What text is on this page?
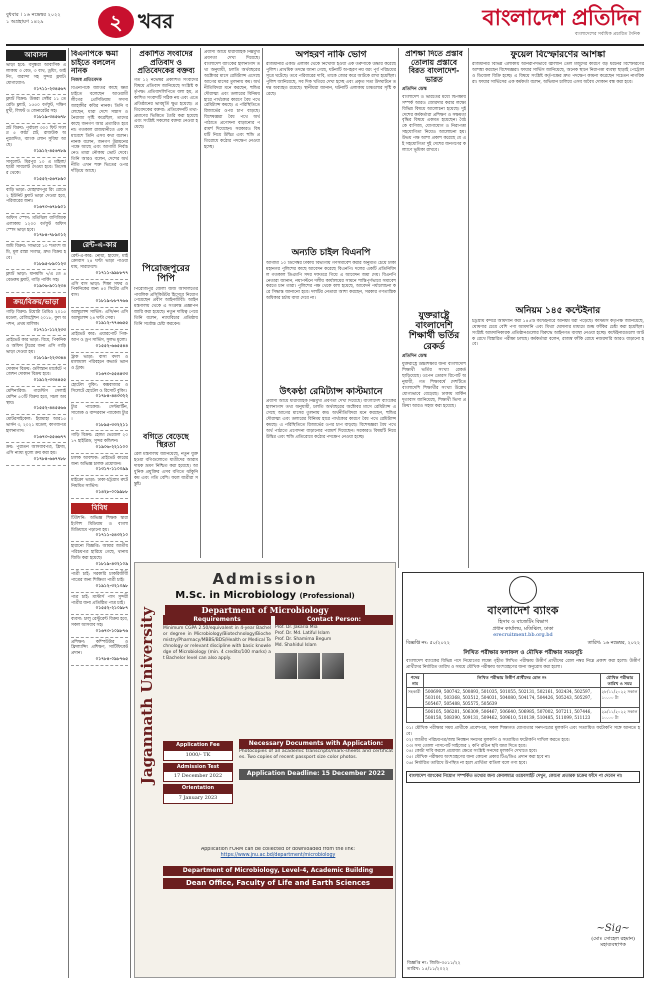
বুধবার । ১৬ নভেম্বর ২০২২
১ অগ্রহায়ণ ১৪২৯	২ খবর	বাংলাদেশ প্রতিদিন
বাংলাদেশের সর্বাধিক প্রচারিত দৈনিক
আবাসন
ভাড়া হবে: বসুন্ধরা আবাসিক এলাকায় ৩ বেড, ৩ বাথ, ড্রয়িং, ডাইনিং, বারান্দা সহ সুন্দর ফ্ল্যাট। যোগাযোগ:
০১৭১১-২৩৪৫৬৭
ফ্ল্যাট বিক্রয়: উত্তরা সেক্টর ১১ তে রেডি ফ্ল্যাট, ১৫৫০ বর্গফুট, দক্ষিণমুখী, লিফট ও জেনারেটর সহ।
০১৮১৯-৩৪৫৬৭৮
প্লট বিক্রয়: পূর্বাচল ৩০০ ফিট সংলগ্ন ৫ কাঠা প্লট, রাজউক অনুমোদিত, ব্যাংক লোন সুবিধা আছে।
০১৯১২-৪৫৬৭৮৯
সাবলেট: মিরপুর ১০ এ মহিলা/ছাত্রী সাবলেট দেওয়া হবে। ডিসেম্বর থেকে।
০১৫৫২-৫৬৭৮৯০
বাড়ি ভাড়া: মোহাম্মদপুর রিং রোডে ২ ইউনিট ফ্ল্যাট ভাড়া দেওয়া হবে, পরিবারের জন্য।
০১৬৭৩-৬৭৮৯০১
অফিস স্পেস: মতিঝিল বাণিজ্যিক এলাকায় ১২০০ বর্গফুট অফিস স্পেস ভাড়া হবে।
০১৭৮৪-৭৮৯০১২
জমি বিক্রয়: সাভারে ১০ শতাংশ জমি, মূল রাস্তা সংলগ্ন, দ্রুত বিক্রয় হবে।
০১৮৯৫-৮৯০১২৩
ফ্ল্যাট ভাড়া: ধানমন্ডি ৭/এ তে ৪ বেডরুম ফ্ল্যাট, গাড়ি পার্কিং সহ।
০১৯০৬-৯০১২৩৪
ক্রয়/বিক্রয়/ভাড়া
গাড়ি বিক্রয়: টয়োটা প্রিমিও ২০১৫ মডেল, রেজিস্ট্রেশন ২০১৮, ফুল অপশন, প্রথম মালিক।
০১৭১১-১১২২৩৩
প্রাইভেট কার ভাড়া: বিয়ে, পিকনিক ও অফিস ট্যুরের জন্য এসি গাড়ি ভাড়া দেওয়া হয়।
০১৮১৯-২২৩৩৪৪
দোকান বিক্রয়: গুলিস্তান মার্কেটে পজেশন দোকান বিক্রয় হবে।
০১৯১২-৩৩৪৪৫৫
মেশিনারিজ: গার্মেন্টস সেলাই মেশিন ৫০টি বিক্রয় হবে, সচল অবস্থায়।
০১৫৫২-৪৪৫৫৬৬
মোটরসাইকেল: ইয়ামাহা আর১৫ ভার্সন ৩, ২০২১ মডেল, কাগজপত্র হালনাগাদ।
০১৬৭৩-৫৫৬৬৭৭
ক্রয়: পুরাতন আসবাবপত্র, ফ্রিজ, এসি ন্যায্য মূল্যে ক্রয় করা হয়।
০১৭৮৪-৬৬৭৭৮৮
বিএনপিকে ক্ষমা চাইতে বললেন নানক
নিজস্ব প্রতিবেদক
বিএনপিকে জাতির কাছে ক্ষমা চাইতে বলেছেন আওয়ামী লীগের প্রেসিডিয়াম সদস্য জাহাঙ্গীর কবির নানক। তিনি বলেছেন, যারা দেশে সন্ত্রাস ও নৈরাজ্য সৃষ্টি করেছিল, তাদের কাছে জনগণ আর প্রতারিত হবে না। গতকাল রাজধানীতে এক সমাবেশে তিনি এসব কথা বলেন। নানক বলেন, জনগণ উন্নয়নের পক্ষে আছে এবং আগামী নির্বাচনেও তারা নৌকায় ভোট দেবে। তিনি আরও বলেন, দেশের অর্থনীতি এখন শক্ত ভিতের ওপর দাঁড়িয়ে আছে।
রেন্ট-এ-কার
রেন্ট-এ-কার: নোয়া, হায়েস, মাইক্রোবাস ২৪ ঘণ্টা ভাড়া পাওয়া যায়, সারাদেশে।
০১৭১১-৯৯৮৮৭৭
এসি বাস ভাড়া: শিক্ষা সফর ও পিকনিকের জন্য ৪০ সিটের এসি বাস।
০১৮১৯-৮৮৭৭৬৬
অ্যাম্বুলেন্স সার্ভিস: এসি/নন এসি অ্যাম্বুলেন্স ২৪ ঘণ্টা সেবা।
০১৯১২-৭৭৬৬৫৫
প্রাইভেট কার: এয়ারপোর্ট পিক-আপ ও ড্রপ সার্ভিস, সুলভ মূল্যে।
০১৫৫২-৬৬৫৫৪৪
ট্রাক ভাড়া: বাসা বদল ও মালামাল পরিবহনে কভার্ড ভ্যান ও ট্রাক।
০১৬৭৩-৫৫৪৪৩৩
হোটেল বুকিং: কক্সবাজার ও সিলেটে হোটেল ও রিসোর্ট বুকিং।
০১৭৮৪-৪৪৩৩২২
ট্যুর প্যাকেজ: সেন্টমার্টিন, সাজেক ও বান্দরবান প্যাকেজ ট্যুর।
০১৮৯৫-৩৩২২১১
গাড়ি বিক্রয়: হোন্ডা ভেজেল ২০১৭ হাইব্রিড, সুন্দর কন্ডিশন।
০১৯০৬-২২১১০০
চালক আবশ্যক: প্রাইভেট কারের জন্য অভিজ্ঞ চালক প্রয়োজন।
০১৩১৭-১১০০৯৯
মাইক্রো ভাড়া: ঢাকা-চট্টগ্রাম রুটে নিয়মিত সার্ভিস।
০১৪২৮-০০৯৯৮৮
বিবিধ
টিউশনি: অভিজ্ঞ শিক্ষক দ্বারা ইংলিশ মিডিয়াম ও বাংলা মিডিয়ামে পড়ানো হয়।
০১৭১১-৫৪৩২১০
হারানো বিজ্ঞপ্তি: আমার জাতীয় পরিচয়পত্র হারিয়ে গেছে, থানায় জিডি করা হয়েছে।
০১৮১৯-৪৩২১০৯
পাত্রী চাই: সরকারি চাকরিজীবী পাত্রের জন্য শিক্ষিতা পাত্রী চাই।
০১৯১২-৩২১০৯৮
পাত্র চাই: মাস্টার্স পাস সুন্দরী পাত্রীর জন্য প্রতিষ্ঠিত পাত্র চাই।
০১৫৫২-২১০৯৮৭
ব্যবসা: চালু রেস্টুরেন্ট বিক্রয় হবে, সকল আসবাব সহ।
০১৬৭৩-১০৯৮৭৬
প্রশিক্ষণ: কম্পিউটার ও ফ্রিল্যান্সিং প্রশিক্ষণ, সার্টিফিকেট প্রদান।
০১৭৮৪-০৯৮৭৬৫
প্রকাশিত সংবাদের প্রতিবাদ ও প্রতিবেদকের বক্তব্য
গত ১২ নভেম্বর প্রকাশিত সংবাদের বিষয়ে প্রতিবাদ জানিয়েছে সংশ্লিষ্ট কর্তৃপক্ষ। প্রতিবাদলিপিতে বলা হয়, প্রকাশিত সংবাদটি সঠিক নয় এবং এতে প্রতিষ্ঠানের ভাবমূর্তি ক্ষুণ্ণ হয়েছে। প্রতিবেদকের বক্তব্য: প্রতিবেদনটি তথ্য-প্রমাণের ভিত্তিতে তৈরি করা হয়েছে এবং সংশ্লিষ্ট সকলের বক্তব্য নেওয়া হয়েছে।
পিরোজপুরের পিপি
পিরোজপুর জেলা জজ আদালতের পাবলিক প্রসিকিউটর হিসেবে নিয়োগ পেয়েছেন প্রবীণ আইনজীবী। আইন মন্ত্রণালয় থেকে এ সংক্রান্ত প্রজ্ঞাপন জারি করা হয়েছে। নতুন দায়িত্ব পেয়ে তিনি বলেন, ন্যায়বিচার প্রতিষ্ঠায় তিনি সর্বোচ্চ চেষ্টা করবেন।
বগিতে বেড়েছে স্থিরতা
রেল মন্ত্রণালয় জানিয়েছে, নতুন যুক্ত হওয়া বগিগুলোতে যাত্রীদের আরামদায়ক ভ্রমণ নিশ্চিত করা হয়েছে। আধুনিক প্রযুক্তির এসব বগিতে ঝাঁকুনি কম এবং গতি বেশি। ফলে যাত্রীরা সন্তুষ্ট।
প্রবাসী আয়ে ধারাবাহিক নিম্নমুখী প্রবণতা দেখা দিয়েছে। বাংলাদেশ ব্যাংকের হালনাগাদ তথ্য অনুযায়ী, চলতি অর্থবছরের অক্টোবর মাসে রেমিট্যান্স এসেছে আগের মাসের তুলনায় কম। অর্থনীতিবিদরা মনে করছেন, হুন্ডির দৌরাত্ম্য এবং ডলারের বিনিময় হারে পার্থক্যের কারণে বৈধ পথে রেমিট্যান্স কমছে। এ পরিস্থিতিতে রিজার্ভের ওপর চাপ বাড়ছে। বিশেষজ্ঞরা বৈধ পথে অর্থ পাঠাতে প্রণোদনা বাড়ানোর পরামর্শ দিয়েছেন। সরকারও বিষয়টি নিয়ে উদ্বিগ্ন এবং হুন্ডি প্রতিরোধে কঠোর পদক্ষেপ নেওয়া হচ্ছে।
অপহরণ নাকি ভোগ
রাজধানীর একটি এলাকা থেকে নিখোঁজ হওয়া এক তরুণীকে উদ্ধার করেছে পুলিশ। প্রাথমিক তদন্তে জানা গেছে, ঘটনাটি অপহরণ নয় বরং পূর্ব পরিচয়ের সূত্রে ঘটেছে। তবে পরিবারের দাবি, তাকে জোর করে আটকে রাখা হয়েছিল। পুলিশ জানিয়েছে, সব দিক খতিয়ে দেখা হচ্ছে এবং প্রকৃত সত্য উদঘাটনে তদন্ত অব্যাহত রয়েছে। স্থানীয়রা জানান, ঘটনাটি এলাকায় চাঞ্চল্যের সৃষ্টি করেছে।
অন্যতি চাইল বিএনপি
আগামী ১০ ডিসেম্বর ঢাকায় বিভাগীয় গণসমাবেশ করার অনুমতি চেয়ে ঢাকা মহানগর পুলিশের কাছে আবেদন করেছে বিএনপি। দলের একটি প্রতিনিধিদল গতকাল ডিএমপি সদর দফতরে গিয়ে এ আবেদন জমা দেয়। বিএনপি নেতারা জানান, নয়াপল্টনে দলীয় কার্যালয়ের সামনে শান্তিপূর্ণভাবে সমাবেশ করতে চান তারা। পুলিশের পক্ষ থেকে বলা হয়েছে, আবেদন পর্যালোচনা করে সিদ্ধান্ত জানানো হবে। দলটির নেতারা আশা করছেন, সরকার গণতান্ত্রিক অধিকার চর্চায় বাধা দেবে না।
উৎকণ্ঠা রেমিট্যান্স কাস্টম্যানে
প্রবাসী আয়ে ধারাবাহিক নিম্নমুখী প্রবণতা দেখা দিয়েছে। বাংলাদেশ ব্যাংকের হালনাগাদ তথ্য অনুযায়ী, চলতি অর্থবছরের অক্টোবর মাসে রেমিট্যান্স এসেছে আগের মাসের তুলনায় কম। অর্থনীতিবিদরা মনে করছেন, হুন্ডির দৌরাত্ম্য এবং ডলারের বিনিময় হারে পার্থক্যের কারণে বৈধ পথে রেমিট্যান্স কমছে। এ পরিস্থিতিতে রিজার্ভের ওপর চাপ বাড়ছে। বিশেষজ্ঞরা বৈধ পথে অর্থ পাঠাতে প্রণোদনা বাড়ানোর পরামর্শ দিয়েছেন। সরকারও বিষয়টি নিয়ে উদ্বিগ্ন এবং হুন্ডি প্রতিরোধে কঠোর পদক্ষেপ নেওয়া হচ্ছে।
প্রশিক্ষা দিতে প্রস্তাব তোলায় প্রস্তাবে বিরত বাংলাদেশ-ভারত
প্রতিদিন ডেস্ক
বাংলাদেশ ও ভারতের মধ্যে দ্বিপক্ষীয় সম্পর্ক আরও জোরদার করার লক্ষ্যে বিভিন্ন বিষয়ে আলোচনা হয়েছে। দুই দেশের কর্মকর্তারা প্রশিক্ষণ ও সক্ষমতা বৃদ্ধির বিষয়ে একমত হয়েছেন। বৈঠকে বাণিজ্য, যোগাযোগ ও নিরাপত্তা সহযোগিতা নিয়েও আলোচনা হয়। উভয় পক্ষ আশা প্রকাশ করেছে যে এই সহযোগিতা দুই দেশের জনগণের কল্যাণে ভূমিকা রাখবে।
যুক্তরাষ্ট্রে বাংলাদেশি শিক্ষার্থী ভর্তির রেকর্ড
প্রতিদিন ডেস্ক
যুক্তরাষ্ট্রে উচ্চশিক্ষার জন্য বাংলাদেশি শিক্ষার্থী ভর্তির সংখ্যা রেকর্ড ছাড়িয়েছে। ওপেন ডোরস রিপোর্ট অনুযায়ী, গত শিক্ষাবর্ষে দেশটিতে বাংলাদেশি শিক্ষার্থীর সংখ্যা উল্লেখযোগ্যভাবে বেড়েছে। ঢাকায় মার্কিন দূতাবাস জানিয়েছে, শিক্ষার্থী ভিসা প্রক্রিয়া আরও সহজ করা হয়েছে।
ফুয়েল বিস্ফোরণের আশঙ্কা
রাজধানীর বিভিন্ন এলাকায় অনিরাপদভাবে জ্বালানি তেল মজুদের কারণে বড় ধরনের বিস্ফোরণের আশঙ্কা করছেন বিশেষজ্ঞরা। ফায়ার সার্ভিস জানিয়েছে, অনেক স্থানে নিরাপত্তা ব্যবস্থা ছাড়াই পেট্রোল ও ডিজেল বিক্রি হচ্ছে। এ বিষয়ে সংশ্লিষ্ট কর্তৃপক্ষের দ্রুত পদক্ষেপ কামনা করেছেন সচেতন নাগরিকরা। ফায়ার সার্ভিসের এক কর্মকর্তা বলেন, অভিযান চালিয়ে এসব অবৈধ দোকান বন্ধ করা হবে।
অনিয়ম ১৪৫ কন্টেইনার
চট্টগ্রাম বন্দরে আমদানি করা ১৪৫টি কন্টেইনারে অনিয়ম ধরা পড়েছে। কাস্টমস কর্তৃপক্ষ জানিয়েছে, ঘোষণার চেয়ে বেশি পণ্য আমদানি এবং মিথ্যা ঘোষণার মাধ্যমে শুল্ক ফাঁকির চেষ্টা করা হয়েছিল। সংশ্লিষ্ট আমদানিকারক প্রতিষ্ঠানগুলোর বিরুদ্ধে আইনগত ব্যবস্থা নেওয়া হচ্ছে। কন্টেইনারগুলো আটক রেখে বিস্তারিত পরীক্ষা চলছে। কর্মকর্তারা বলেন, রাজস্ব ফাঁকি রোধে নজরদারি আরও বাড়ানো হবে।
Admission
M.Sc. in Microbiology (Professional)
Department of Microbiology
Jagannath University	Requirements
Minimum CGPA 2.50/equivalent in 4-year Bachelor degree in Microbiology/Biotechnology/Biochemistry/Pharmacy/MBBS/BDS/Health or Medical Technology or relevant discipline with basic knowledge of Microbiology (min. 4 credits/100 marks) at Bachelor level can also apply.
Contact Person:
Prof. Dr. Jakaria Mia
Prof. Dr. Md. Latiful Islam
Prof. Dr. Shamima Begum
Md. Shahidul Islam

Application Fee
1000/- TK
Admission Test
17 December 2022
Orientation
7 January 2023
Necessary Documents with Application:
Photocopies of all academic transcripts/mark-sheets and certificates. Two copies of recent passport size color photos.
Application Deadline: 15 December 2022
Application FORM can be collected or downloaded from the link:
https://www.jnu.ac.bd/department/microbiology
Department of Microbiology, Level-4, Academic Building
Dean Office, Faculty of Life and Earth Sciences
বাংলাদেশ ব্যাংক
হিসাব ও বাজেটিং বিভাগ
প্রধান কার্যালয়, মতিঝিল, ঢাকা
erecruitment.bb.org.bd
বিজ্ঞপ্তি নং: ৫০/২০২২	তারিখ: ১৬ নভেম্বর, ২০২২
লিখিত পরীক্ষার ফলাফল ও মৌখিক পরীক্ষার সময়সূচি
বাংলাদেশ ব্যাংকের বিভিন্ন পদে নিয়োগের লক্ষ্যে গৃহীত লিখিত পরীক্ষায় উত্তীর্ণ প্রার্থীদের রোল নম্বর নিম্নে প্রকাশ করা হলো। উত্তীর্ণ প্রার্থীদের নির্ধারিত তারিখ ও সময়ে মৌখিক পরীক্ষায় অংশগ্রহণের জন্য অনুরোধ করা হলো।
পদের নাম	লিখিত পরীক্ষায় উত্তীর্ণ প্রার্থীদের রোল নং	মৌখিক পরীক্ষার তারিখ ও সময়
সহকারী	500699, 500742, 500893, 501035, 501055, 502131, 502161, 502434, 502597, 503101, 503368, 503512, 504031, 504080, 504174, 504426, 505243, 505297, 505467, 505488, 505575, 505639	২৮/১১/২০২২ সকাল ১০.০০ টা
	506105, 506281, 506309, 506467, 506640, 506985, 507002, 507211, 507446, 508158, 508390, 509131, 509462, 509610, 510139, 510485, 511099, 511123	২৯/১১/২০২২ সকাল ১০.০০ টা
০১। মৌখিক পরীক্ষার সময় প্রার্থীকে প্রবেশপত্র, সকল শিক্ষাগত যোগ্যতার সনদপত্রের মূলকপি এবং সত্যায়িত ফটোকপি সঙ্গে আনতে হবে।
০২। জাতীয় পরিচয়পত্র/জন্ম নিবন্ধন সনদের মূলকপি ও সত্যায়িত ফটোকপি দাখিল করতে হবে।
০৩। সদ্য তোলা পাসপোর্ট সাইজের ২ কপি রঙিন ছবি জমা দিতে হবে।
০৪। কোটা দাবি করলে প্রযোজ্য ক্ষেত্রে সংশ্লিষ্ট সনদের মূলকপি দেখাতে হবে।
০৫। মৌখিক পরীক্ষায় অংশগ্রহণের জন্য কোনো প্রকার টিএ/ডিএ প্রদান করা হবে না।
০৬। নির্ধারিত তারিখে উপস্থিত না হলে প্রার্থিতা বাতিল বলে গণ্য হবে।
বাংলাদেশ ব্যাংকের নিয়োগ সম্পর্কিত তথ্যের জন্য কেবলমাত্র ওয়েবসাইট দেখুন, কোনো প্রতারক চক্রের ফাঁদে পা দেবেন না।
~Sig~
(মোঃ সোহেল রহমান)
মহাব্যবস্থাপক
বিজ্ঞপ্তি নং: জিডি-৩৫১১/২২
তারিখ: ১৫/১১/২০২২
